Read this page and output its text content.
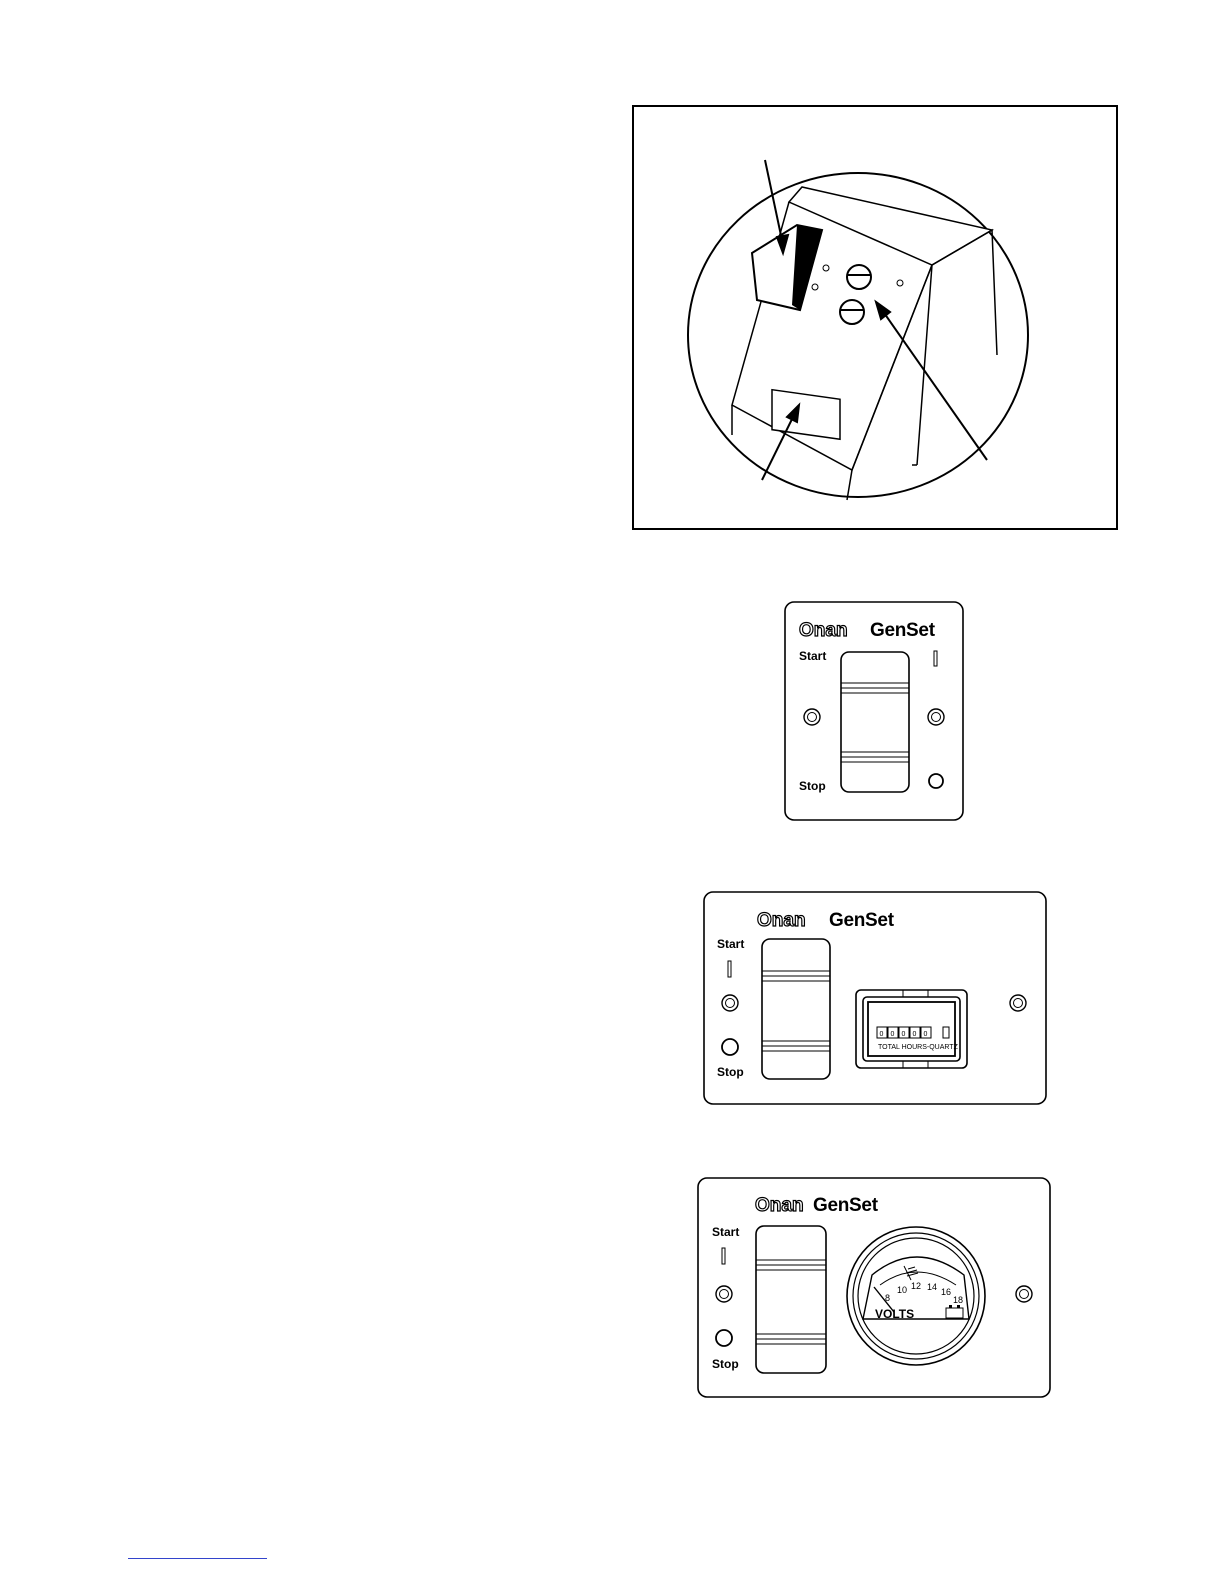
Onan GenSet
Start
Stop
Onan GenSet
Start
Stop
0 0 0 0 0
TOTAL HOURS-QUARTZ
Onan GenSet
Start
Stop
8
10 12 14 16
18
VOLTS
